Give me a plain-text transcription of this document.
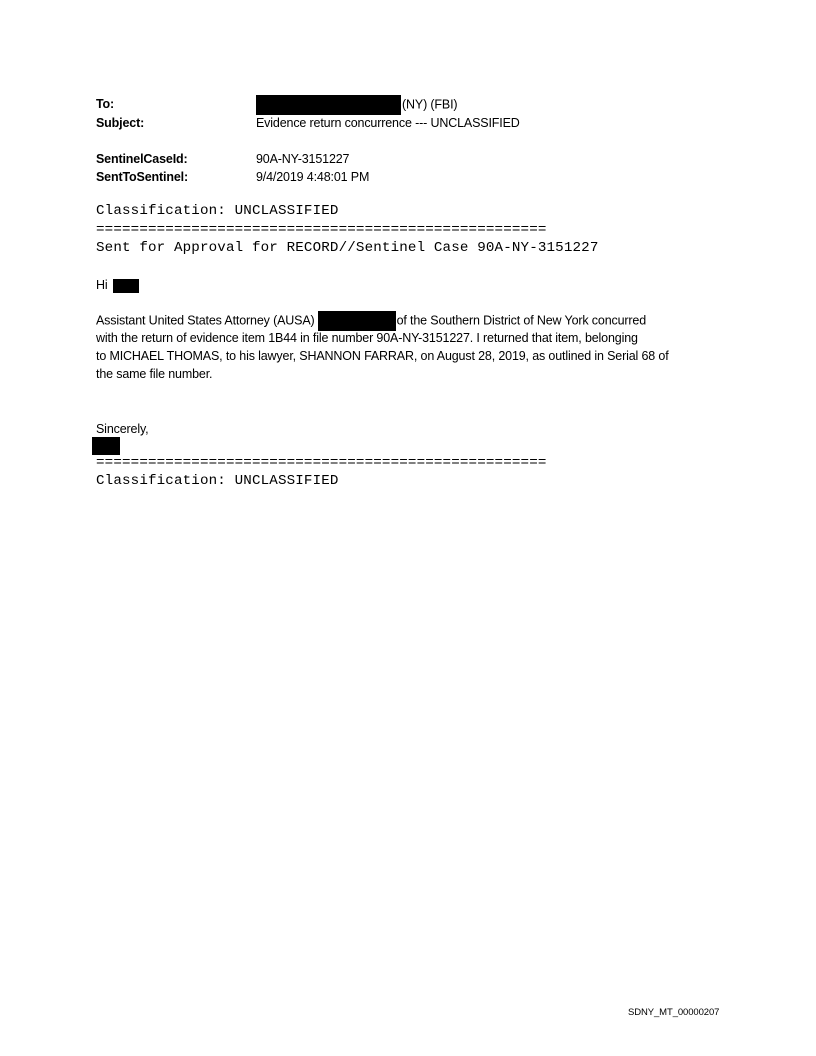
To:	(NY) (FBI)
Subject:	Evidence return concurrence --- UNCLASSIFIED
SentinelCaseId:	90A-NY-3151227
SentToSentinel:	9/4/2019 4:48:01 PM
Classification: UNCLASSIFIED
====================================================
Sent for Approval for RECORD//Sentinel Case 90A-NY-3151227
Hi
Assistant United States Attorney (AUSA)	of the Southern District of New York concurred
with the return of evidence item 1B44 in file number 90A-NY-3151227. I returned that item, belonging
to MICHAEL THOMAS, to his lawyer, SHANNON FARRAR, on August 28, 2019, as outlined in Serial 68 of
the same file number.
Sincerely,
====================================================
Classification: UNCLASSIFIED
SDNY_MT_00000207
